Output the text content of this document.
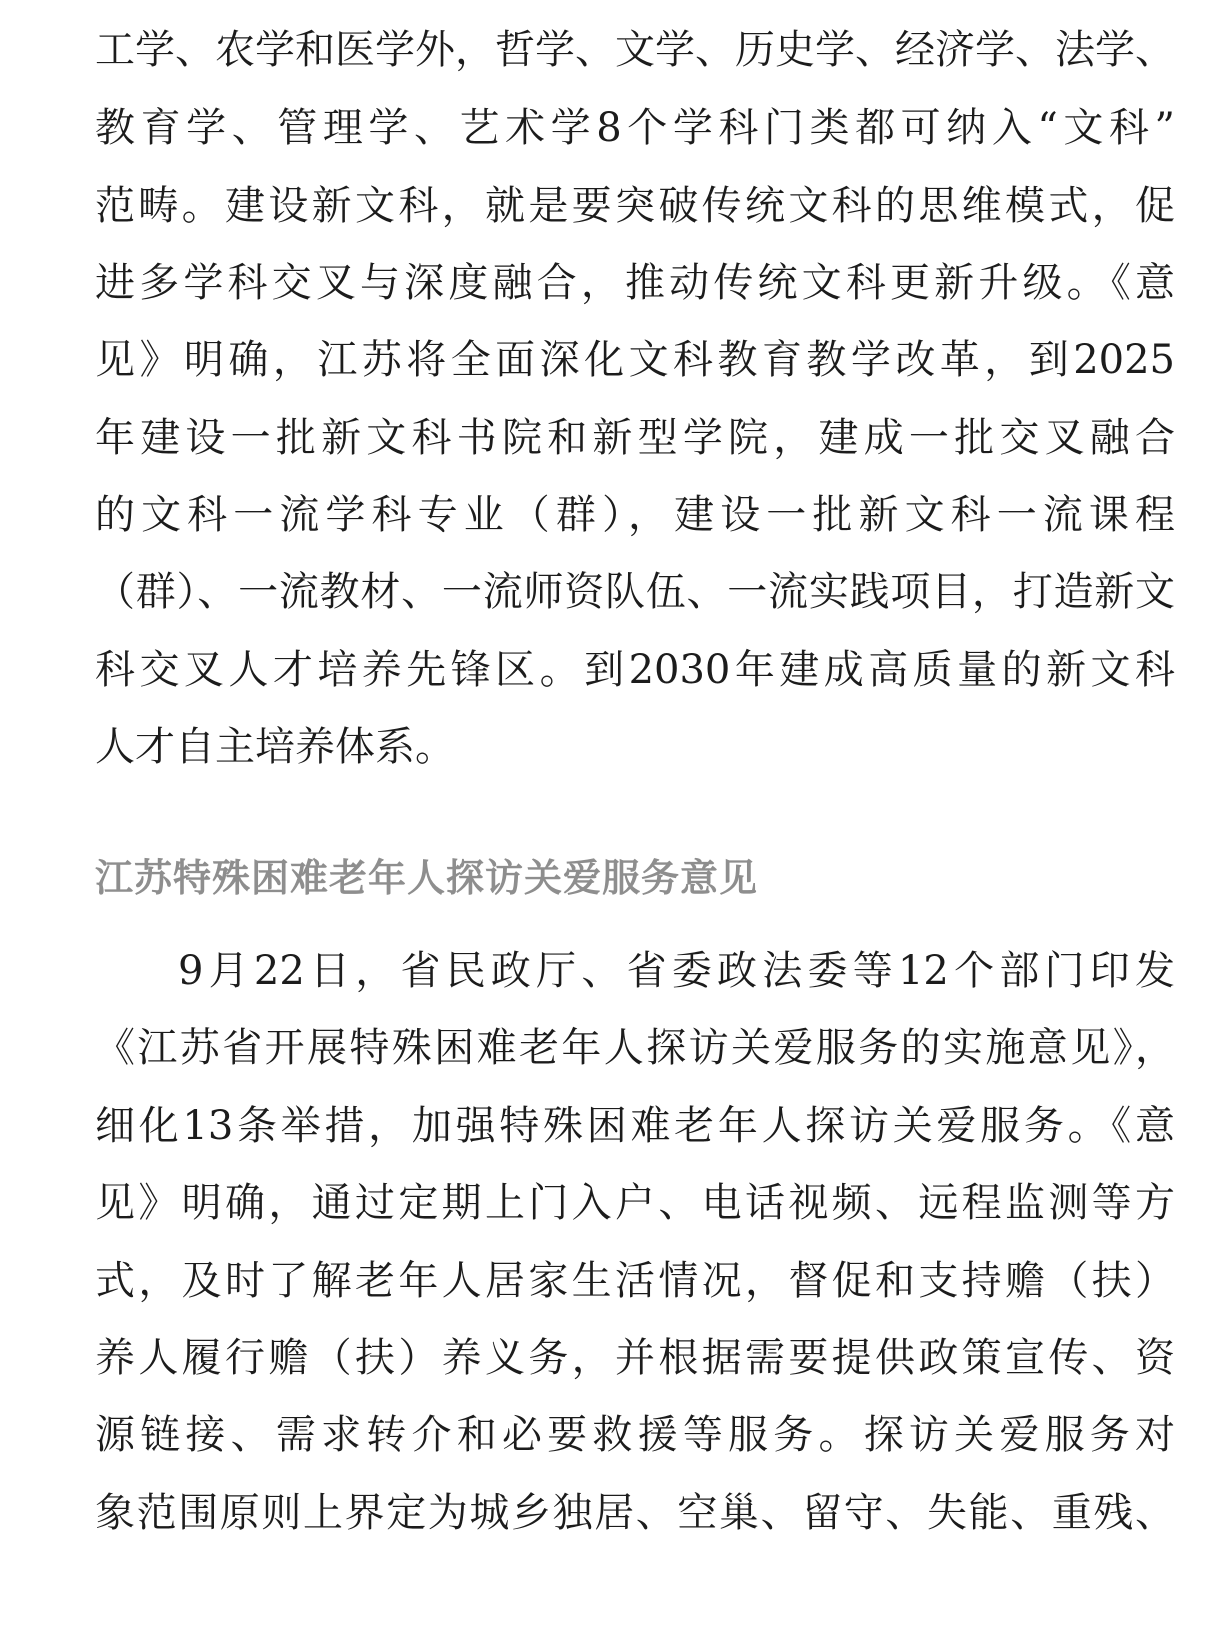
工学、农学和医学外，哲学、文学、历史学、经济学、法学、
教育学、管理学、艺术学8个学科门类都可纳入“文科”
范畴。建设新文科，就是要突破传统文科的思维模式，促
进多学科交叉与深度融合，推动传统文科更新升级。《意
见》明确，江苏将全面深化文科教育教学改革，到2025
年建设一批新文科书院和新型学院，建成一批交叉融合
的文科一流学科专业（群），建设一批新文科一流课程
（群）、一流教材、一流师资队伍、一流实践项目，打造新文
科交叉人才培养先锋区。到2030年建成高质量的新文科
人才自主培养体系。
江苏特殊困难老年人探访关爱服务意见
9月22日，省民政厅、省委政法委等12个部门印发
《江苏省开展特殊困难老年人探访关爱服务的实施意见》，
细化13条举措，加强特殊困难老年人探访关爱服务。《意
见》明确，通过定期上门入户、电话视频、远程监测等方
式，及时了解老年人居家生活情况，督促和支持赡（扶）
养人履行赡（扶）养义务，并根据需要提供政策宣传、资
源链接、需求转介和必要救援等服务。探访关爱服务对
象范围原则上界定为城乡独居、空巢、留守、失能、重残、
